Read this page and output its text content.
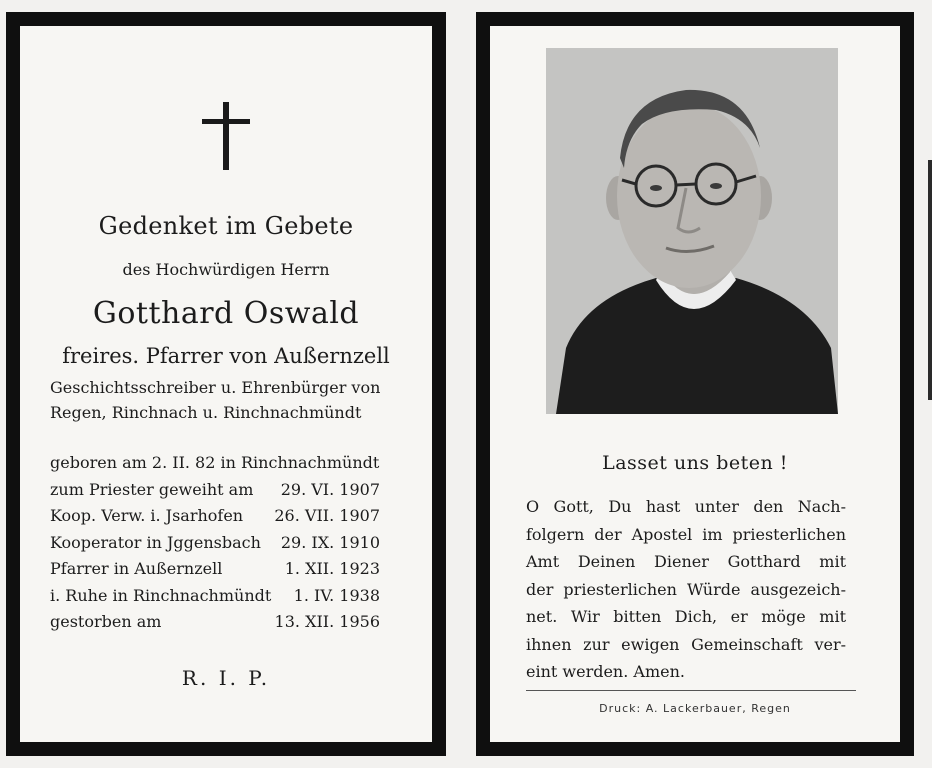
Gedenket im Gebete
des Hochwürdigen Herrn
Gotthard Oswald
freires. Pfarrer von Außernzell
Geschichtsschreiber u. Ehrenbürger von
Regen, Rinchnach u. Rinchnachmündt
geboren am 2. II. 82 in Rinchnachmündt
zum Priester geweiht am 29. VI. 1907
Koop. Verw. i. Jsarhofen 26. VII. 1907
Kooperator in Jggensbach 29. IX. 1910
Pfarrer in Außernzell	1. XII. 1923
i. Ruhe in Rinchnachmündt 1. IV. 1938
gestorben am	13. XII. 1956
R. I. P.
Lasset uns beten !
O Gott, Du hast unter den Nach-
folgern der Apostel im priesterlichen
Amt Deinen Diener Gotthard mit
der priesterlichen Würde ausgezeich-
net. Wir bitten Dich, er möge mit
ihnen zur ewigen Gemeinschaft ver-
eint werden. Amen.
Druck: A. Lackerbauer, Regen
